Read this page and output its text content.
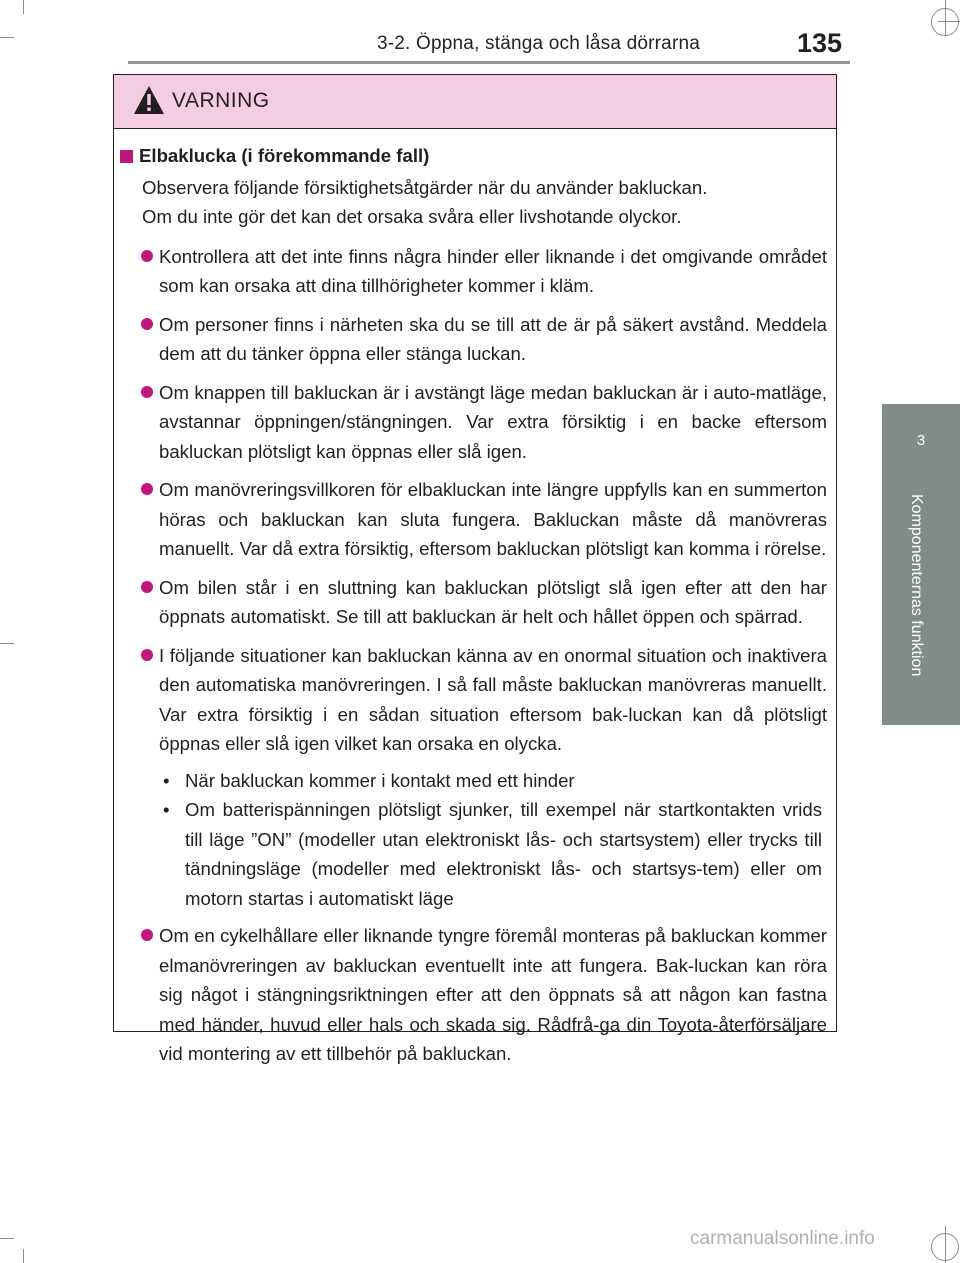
3-2. Öppna, stänga och låsa dörrarna	135
3
Komponenternas funktion
VARNING
Elbaklucka (i förekommande fall)
Observera följande försiktighetsåtgärder när du använder bakluckan.
Om du inte gör det kan det orsaka svåra eller livshotande olyckor.
Kontrollera att det inte finns några hinder eller liknande i det omgivande området som kan orsaka att dina tillhörigheter kommer i kläm.
Om personer finns i närheten ska du se till att de är på säkert avstånd. Meddela dem att du tänker öppna eller stänga luckan.
Om knappen till bakluckan är i avstängt läge medan bakluckan är i auto-matläge, avstannar öppningen/stängningen. Var extra försiktig i en backe eftersom bakluckan plötsligt kan öppnas eller slå igen.
Om manövreringsvillkoren för elbakluckan inte längre uppfylls kan en summerton höras och bakluckan kan sluta fungera. Bakluckan måste då manövreras manuellt. Var då extra försiktig, eftersom bakluckan plötsligt kan komma i rörelse.
Om bilen står i en sluttning kan bakluckan plötsligt slå igen efter att den har öppnats automatiskt. Se till att bakluckan är helt och hållet öppen och spärrad.
I följande situationer kan bakluckan känna av en onormal situation och inaktivera den automatiska manövreringen. I så fall måste bakluckan manövreras manuellt. Var extra försiktig i en sådan situation eftersom bak-luckan kan då plötsligt öppnas eller slå igen vilket kan orsaka en olycka.
• När bakluckan kommer i kontakt med ett hinder
• Om batterispänningen plötsligt sjunker, till exempel när startkontakten vrids till läge ”ON” (modeller utan elektroniskt lås- och startsystem) eller trycks till tändningsläge (modeller med elektroniskt lås- och startsys-tem) eller om motorn startas i automatiskt läge
Om en cykelhållare eller liknande tyngre föremål monteras på bakluckan kommer elmanövreringen av bakluckan eventuellt inte att fungera. Bak-luckan kan röra sig något i stängningsriktningen efter att den öppnats så att någon kan fastna med händer, huvud eller hals och skada sig. Rådfrå-ga din Toyota-återförsäljare vid montering av ett tillbehör på bakluckan.
carmanualsonline.info
